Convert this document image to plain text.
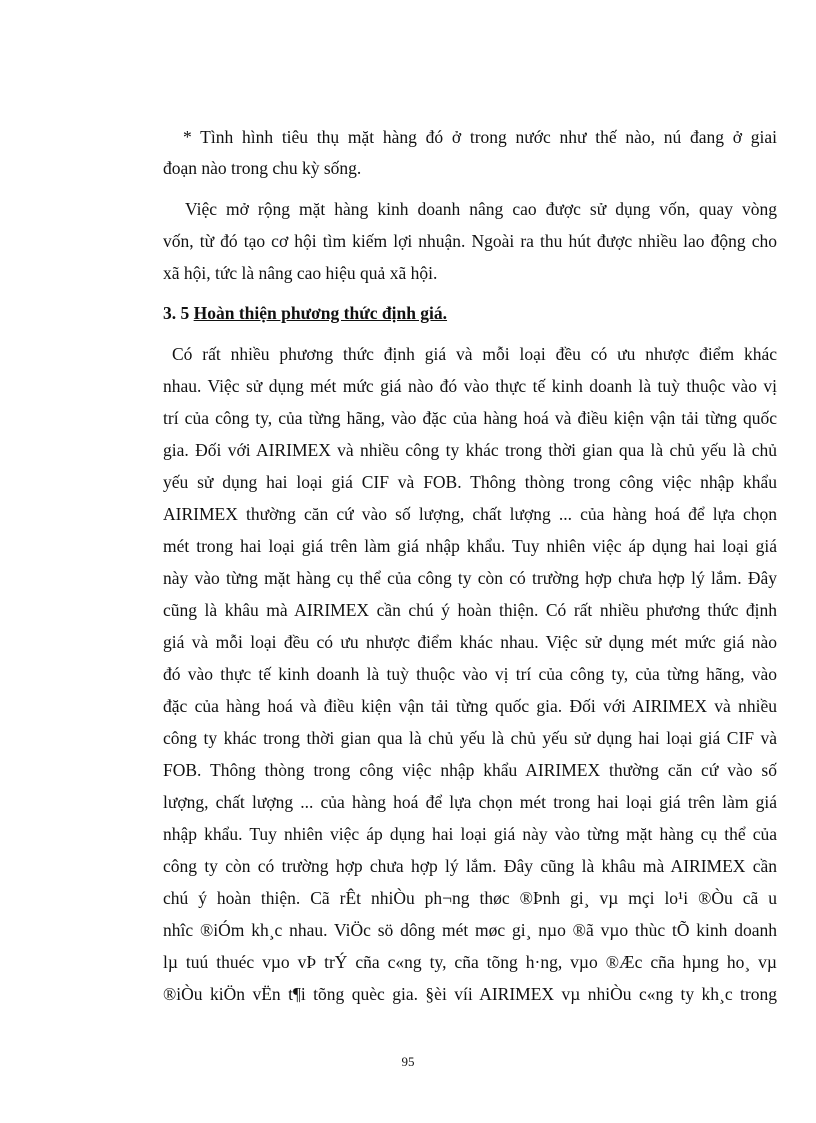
* Tình hình tiêu thụ mặt hàng đó ở trong nước như thế nào, nú đang ở giai
đoạn nào trong chu kỳ sống.
Việc mở rộng mặt hàng kinh doanh nâng cao được sử dụng vốn, quay vòng
vốn, từ đó tạo cơ hội tìm kiếm lợi nhuận. Ngoài ra thu hút được nhiều lao động cho
xã hội, tức là nâng cao hiệu quả xã hội.
3. 5 Hoàn thiện phương thức định giá.
Có rất nhiều phương thức định giá và mỗi loại đều có ưu nhược điểm khác
nhau. Việc sử dụng mét mức giá nào đó vào thực tế kinh doanh là tuỳ thuộc vào vị
trí của công ty, của từng hãng, vào đặc của hàng hoá và điều kiện vận tải từng quốc
gia. Đối với AIRIMEX và nhiều công ty khác trong thời gian qua là chủ yếu là chủ
yếu sử dụng hai loại giá CIF và FOB. Thông thòng trong công việc nhập khẩu
AIRIMEX thường căn cứ vào số lượng, chất lượng ... của hàng hoá để lựa chọn
mét trong hai loại giá trên làm giá nhập khẩu. Tuy nhiên việc áp dụng hai loại giá
này vào từng mặt hàng cụ thể của công ty còn có trường hợp chưa hợp lý lắm. Đây
cũng là khâu mà AIRIMEX cần chú ý hoàn thiện. Có rất nhiều phương thức định
giá và mỗi loại đều có ưu nhược điểm khác nhau. Việc sử dụng mét mức giá nào
đó vào thực tế kinh doanh là tuỳ thuộc vào vị trí của công ty, của từng hãng, vào
đặc của hàng hoá và điều kiện vận tải từng quốc gia. Đối với AIRIMEX và nhiều
công ty khác trong thời gian qua là chủ yếu là chủ yếu sử dụng hai loại giá CIF và
FOB. Thông thòng trong công việc nhập khẩu AIRIMEX thường căn cứ vào số
lượng, chất lượng ... của hàng hoá để lựa chọn mét trong hai loại giá trên làm giá
nhập khẩu. Tuy nhiên việc áp dụng hai loại giá này vào từng mặt hàng cụ thể của
công ty còn có trường hợp chưa hợp lý lắm. Đây cũng là khâu mà AIRIMEX cần
chú ý hoàn thiện. Cã rÊt nhiÒu ph¬ng thøc ®Þnh gi¸ vµ mçi lo¹i ®Òu cã u
nhîc ®iÓm kh¸c nhau. ViÖc sö dông mét møc gi¸ nµo ®ã vµo thùc tÕ kinh doanh
lµ tuú thuéc vµo vÞ trÝ cña c«ng ty, cña tõng h·ng, vµo ®Æc cña hµng ho¸ vµ
®iÒu kiÖn vËn t¶i tõng quèc gia. §èi víi AIRIMEX vµ nhiÒu c«ng ty kh¸c trong
95
